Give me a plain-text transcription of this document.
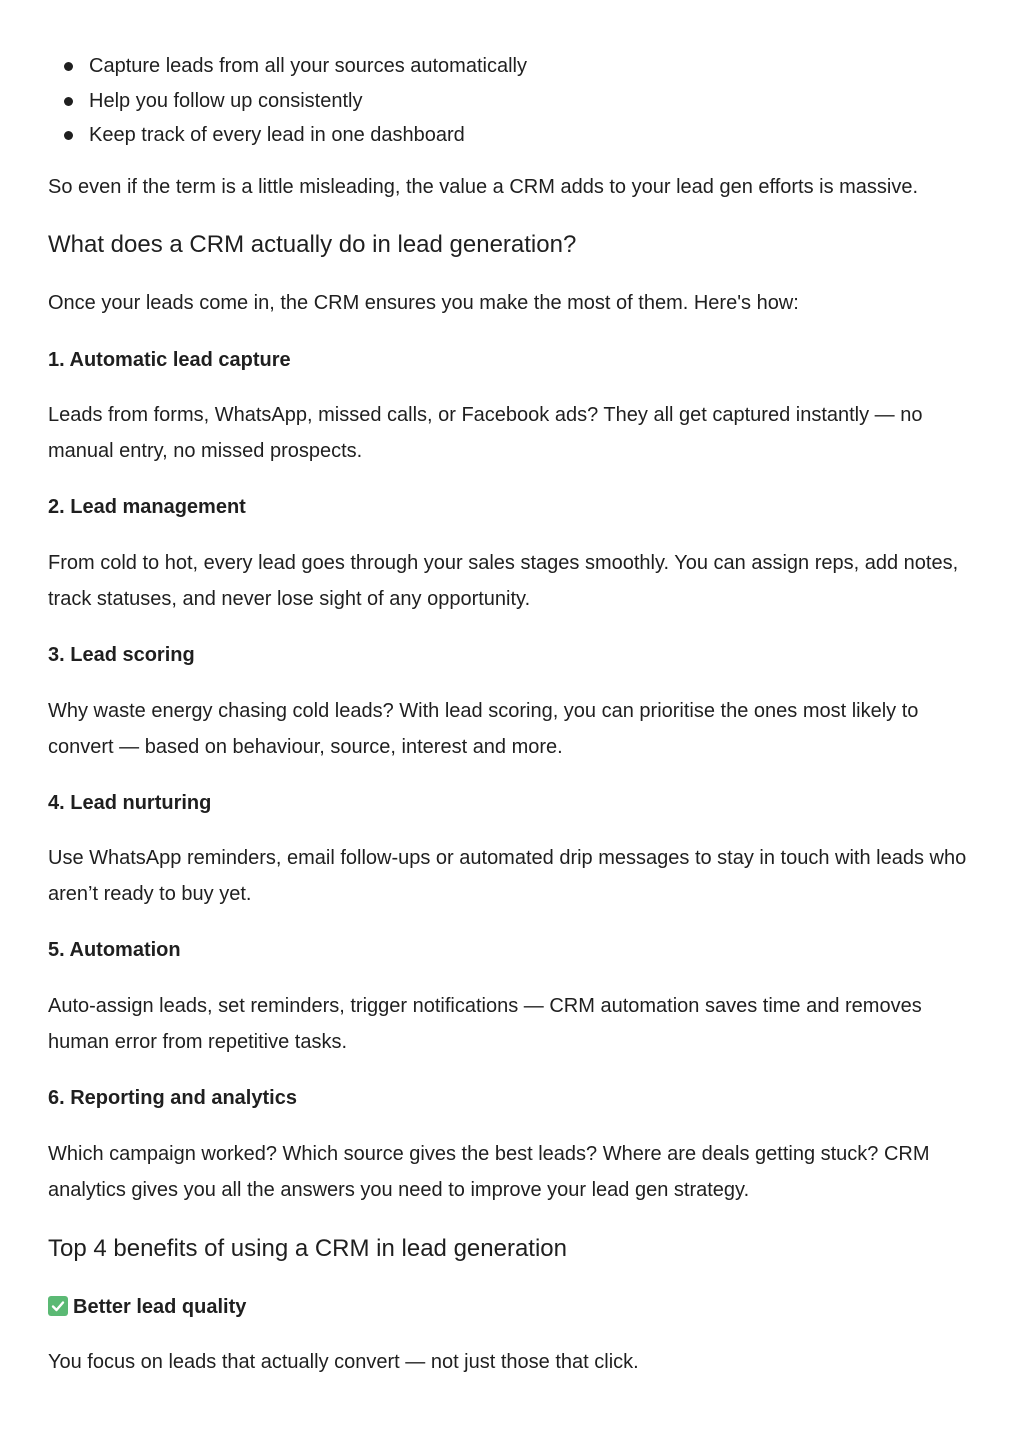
Capture leads from all your sources automatically
Help you follow up consistently
Keep track of every lead in one dashboard

So even if the term is a little misleading, the value a CRM adds to your lead gen efforts is massive.

What does a CRM actually do in lead generation?

Once your leads come in, the CRM ensures you make the most of them. Here's how:

1. Automatic lead capture

Leads from forms, WhatsApp, missed calls, or Facebook ads? They all get captured instantly — no manual entry, no missed prospects.

2. Lead management

From cold to hot, every lead goes through your sales stages smoothly. You can assign reps, add notes, track statuses, and never lose sight of any opportunity.

3. Lead scoring

Why waste energy chasing cold leads? With lead scoring, you can prioritise the ones most likely to convert — based on behaviour, source, interest and more.

4. Lead nurturing

Use WhatsApp reminders, email follow-ups or automated drip messages to stay in touch with leads who aren’t ready to buy yet.

5. Automation

Auto-assign leads, set reminders, trigger notifications — CRM automation saves time and removes human error from repetitive tasks.

6. Reporting and analytics

Which campaign worked? Which source gives the best leads? Where are deals getting stuck? CRM analytics gives you all the answers you need to improve your lead gen strategy.

Top 4 benefits of using a CRM in lead generation
Better lead quality

You focus on leads that actually convert — not just those that click.
